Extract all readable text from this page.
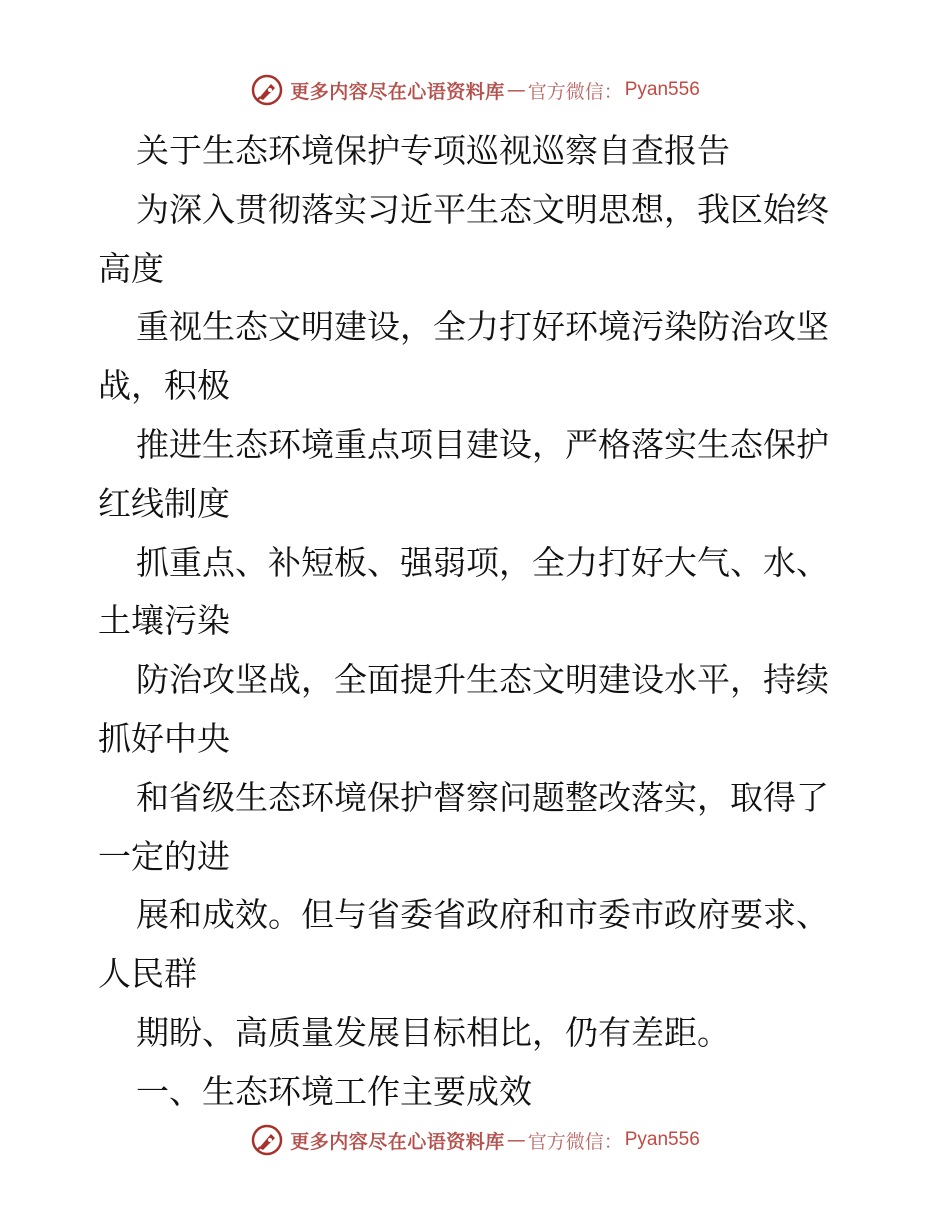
更多内容尽在心语资料库 — 官方微信： Pyan556
关于生态环境保护专项巡视巡察自查报告
为深入贯彻落实习近平生态文明思想，我区始终
高度
重视生态文明建设，全力打好环境污染防治攻坚
战，积极
推进生态环境重点项目建设，严格落实生态保护
红线制度
抓重点、补短板、强弱项，全力打好大气、水、
土壤污染
防治攻坚战，全面提升生态文明建设水平，持续
抓好中央
和省级生态环境保护督察问题整改落实，取得了
一定的进
展和成效。但与省委省政府和市委市政府要求、
人民群
期盼、高质量发展目标相比，仍有差距。
一、生态环境工作主要成效
更多内容尽在心语资料库 — 官方微信： Pyan556
